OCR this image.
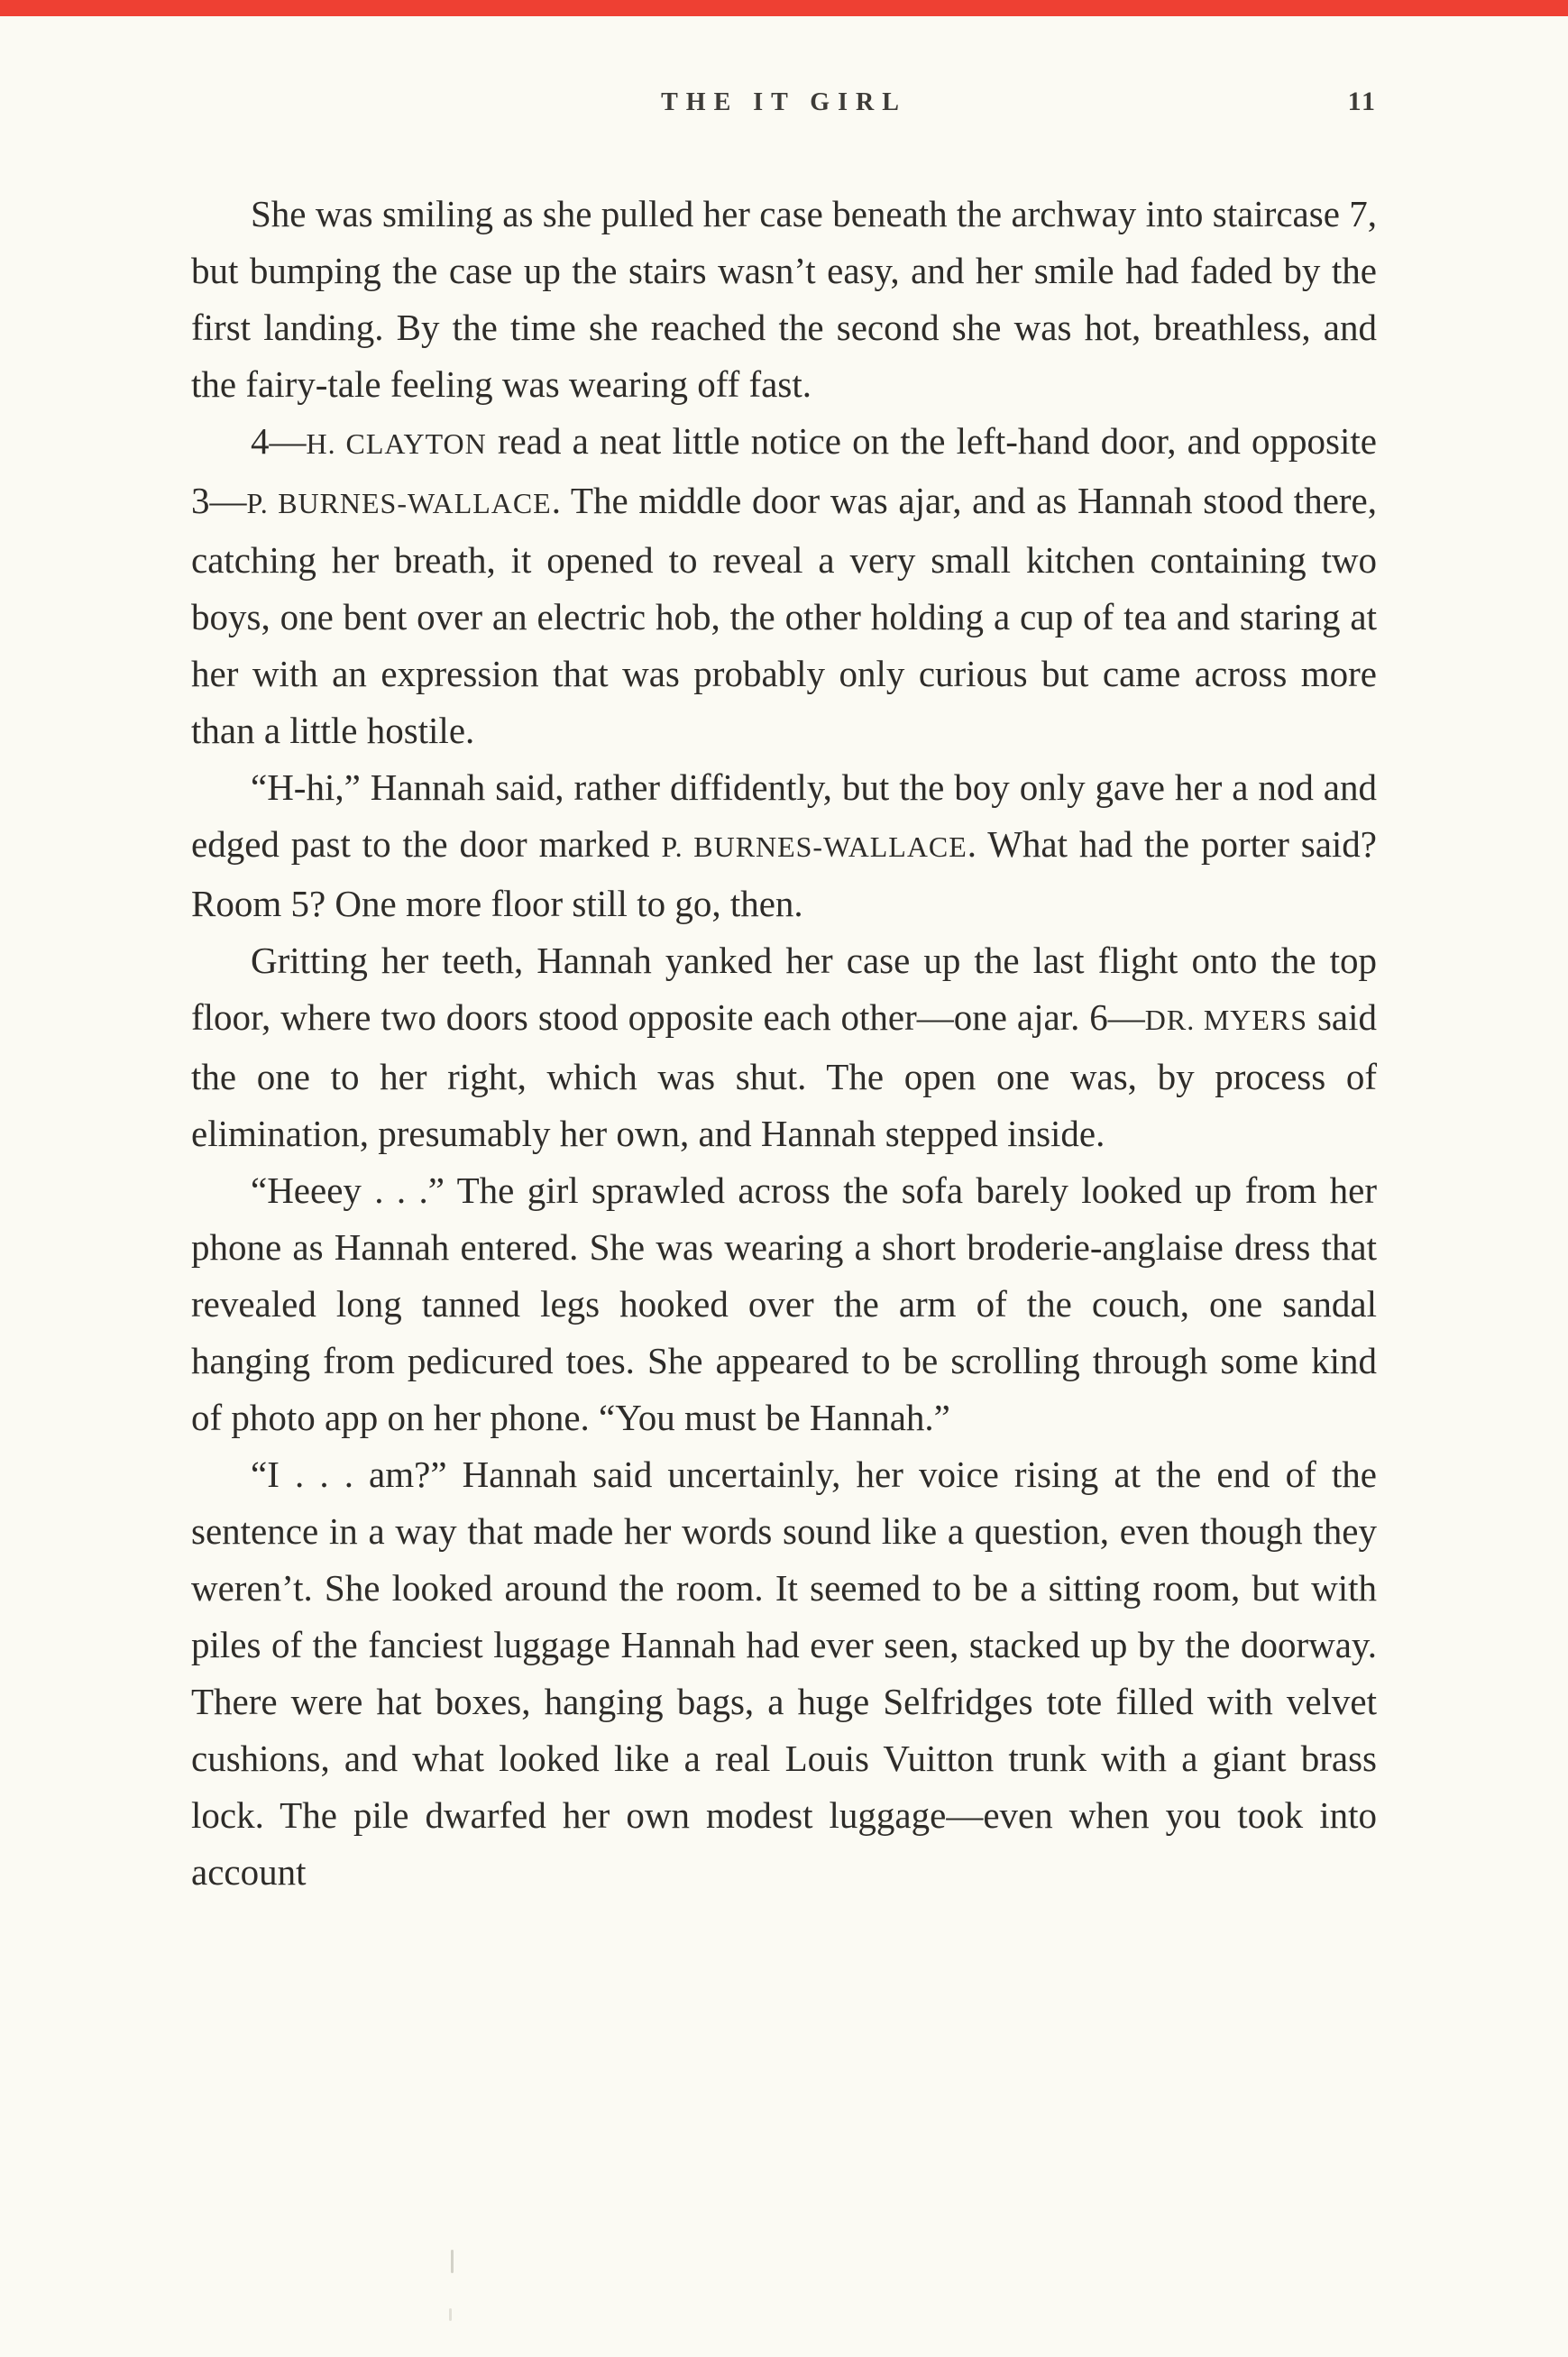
THE IT GIRL	11

She was smiling as she pulled her case beneath the archway into staircase 7, but bumping the case up the stairs wasn’t easy, and her smile had faded by the first landing. By the time she reached the second she was hot, breathless, and the fairy-tale feeling was wearing off fast.

4—H. CLAYTON read a neat little notice on the left-hand door, and opposite 3—P. BURNES-WALLACE. The middle door was ajar, and as Hannah stood there, catching her breath, it opened to reveal a very small kitchen containing two boys, one bent over an electric hob, the other holding a cup of tea and staring at her with an expression that was probably only curious but came across more than a little hostile.

“H-hi,” Hannah said, rather diffidently, but the boy only gave her a nod and edged past to the door marked P. BURNES-WALLACE. What had the porter said? Room 5? One more floor still to go, then.

Gritting her teeth, Hannah yanked her case up the last flight onto the top floor, where two doors stood opposite each other—one ajar. 6—DR. MYERS said the one to her right, which was shut. The open one was, by process of elimination, presumably her own, and Hannah stepped inside.

“Heeey . . .” The girl sprawled across the sofa barely looked up from her phone as Hannah entered. She was wearing a short broderie-anglaise dress that revealed long tanned legs hooked over the arm of the couch, one sandal hanging from pedicured toes. She appeared to be scrolling through some kind of photo app on her phone. “You must be Hannah.”

“I . . . am?” Hannah said uncertainly, her voice rising at the end of the sentence in a way that made her words sound like a question, even though they weren’t. She looked around the room. It seemed to be a sitting room, but with piles of the fanciest luggage Hannah had ever seen, stacked up by the doorway. There were hat boxes, hanging bags, a huge Selfridges tote filled with velvet cushions, and what looked like a real Louis Vuitton trunk with a giant brass lock. The pile dwarfed her own modest luggage—even when you took into account
